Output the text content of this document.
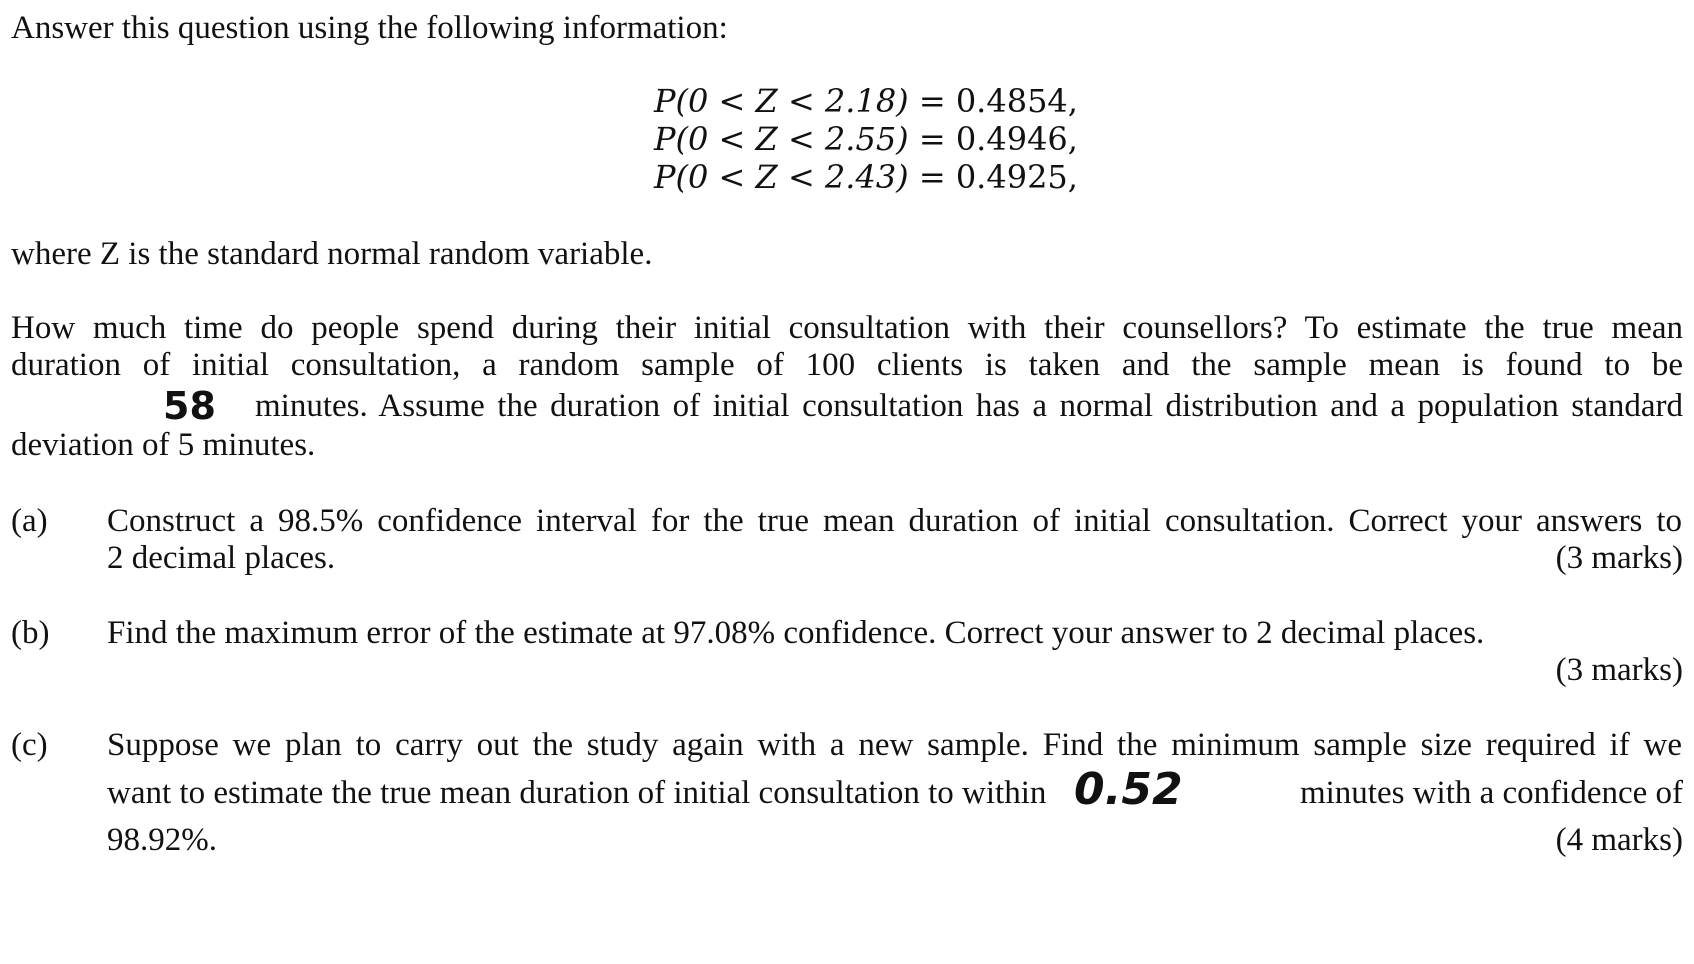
Answer this question using the following information:
P(0 < Z < 2.18) = 0.4854,
P(0 < Z < 2.55) = 0.4946,
P(0 < Z < 2.43) = 0.4925,
where Z is the standard normal random variable.
How much time do people spend during their initial consultation with their counsellors? To estimate the true mean
duration of initial consultation, a random sample of 100 clients is taken and the sample mean is found to be
58 minutes. Assume the duration of initial consultation has a normal distribution and a population standard
deviation of 5 minutes.
(a) Construct a 98.5% confidence interval for the true mean duration of initial consultation. Correct your answers to
2 decimal places.	(3 marks)
(b) Find the maximum error of the estimate at 97.08% confidence. Correct your answer to 2 decimal places.
(3 marks)
(c) Suppose we plan to carry out the study again with a new sample. Find the minimum sample size required if we
want to estimate the true mean duration of initial consultation to within 0.52	minutes with a confidence of
98.92%.	(4 marks)
